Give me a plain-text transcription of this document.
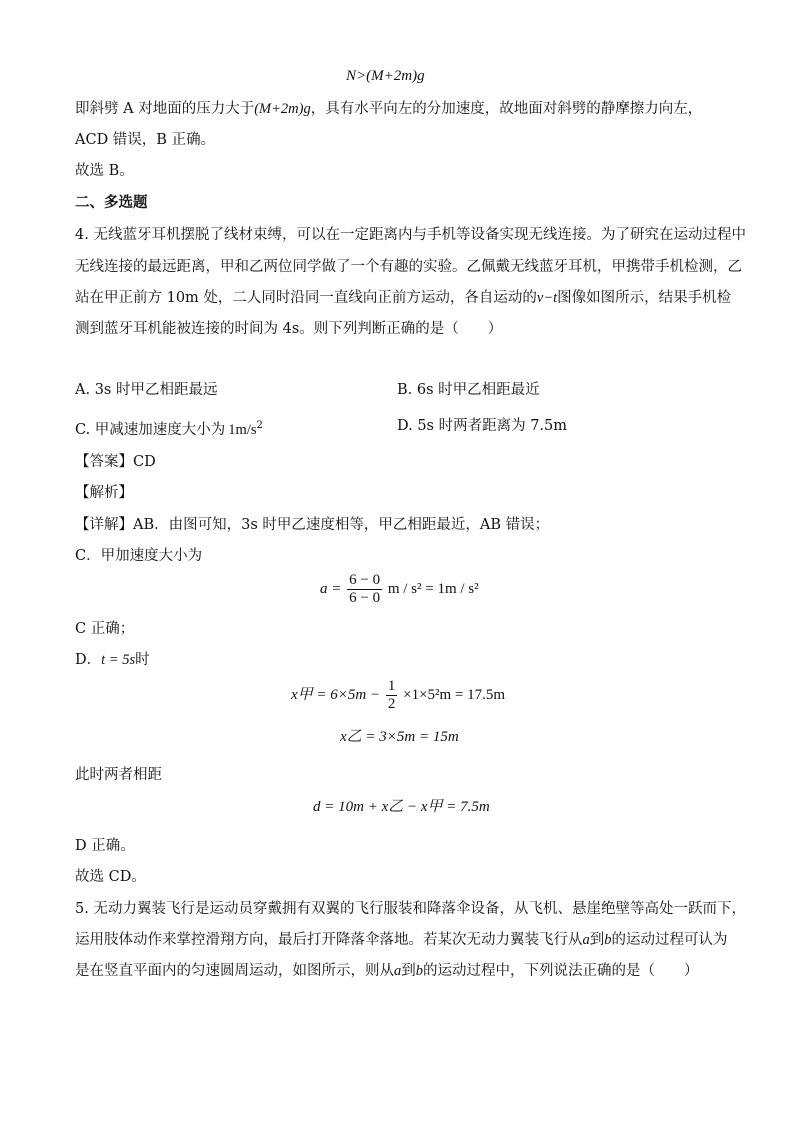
N>(M+2m)g
即斜劈 A 对地面的压力大于(M+2m)g，具有水平向左的分加速度，故地面对斜劈的静摩擦力向左，
ACD 错误，B 正确。
故选 B。
二、多选题
4. 无线蓝牙耳机摆脱了线材束缚，可以在一定距离内与手机等设备实现无线连接。为了研究在运动过程中
无线连接的最远距离，甲和乙两位同学做了一个有趣的实验。乙佩戴无线蓝牙耳机，甲携带手机检测，乙
站在甲正前方 10m 处，二人同时沿同一直线向正前方运动，各自运动的v−t图像如图所示，结果手机检
测到蓝牙耳机能被连接的时间为 4s。则下列判断正确的是（　　）
A. 3s 时甲乙相距最远	B. 6s 时甲乙相距最近
C. 甲减速加速度大小为 $1m/s^2$	D. 5s 时两者距离为 7.5m
【答案】CD
【解析】
【详解】AB．由图可知，3s 时甲乙速度相等，甲乙相距最近，AB 错误；
C．甲加速度大小为
$a = \frac{6 - 0}{6 - 0}$ m / s² = 1m / s²
C 正确；
D．t = 5s时
x甲 = $6\times 5m - \frac{1}{2} \times 1\times 5^2m = 17.5m$
x乙 = 3×5m = 15m
此时两者相距
d = 10m + x乙 − x甲 = 7.5m
D 正确。
故选 CD。
5. 无动力翼装飞行是运动员穿戴拥有双翼的飞行服装和降落伞设备，从飞机、悬崖绝壁等高处一跃而下，
运用肢体动作来掌控滑翔方向，最后打开降落伞落地。若某次无动力翼装飞行从a到b的运动过程可认为
是在竖直平面内的匀速圆周运动，如图所示，则从a到b的运动过程中，下列说法正确的是（　　）
